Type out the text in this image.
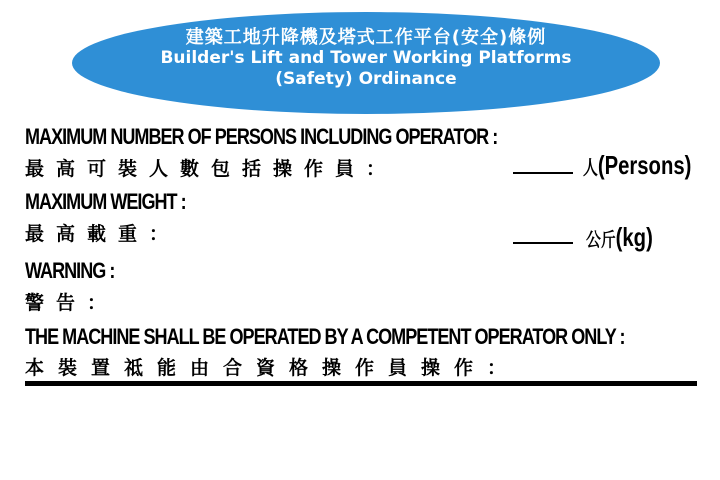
建築工地升降機及塔式工作平台(安全)條例
Builder's Lift and Tower Working Platforms
(Safety) Ordinance
MAXIMUM NUMBER OF PERSONS INCLUDING OPERATOR :
最高可裝人數包括操作員：	人(Persons)
MAXIMUM WEIGHT :
最高載重：	公斤(kg)
WARNING :
警告：
THE MACHINE SHALL BE OPERATED BY A COMPETENT OPERATOR ONLY :
本裝置祗能由合資格操作員操作：
